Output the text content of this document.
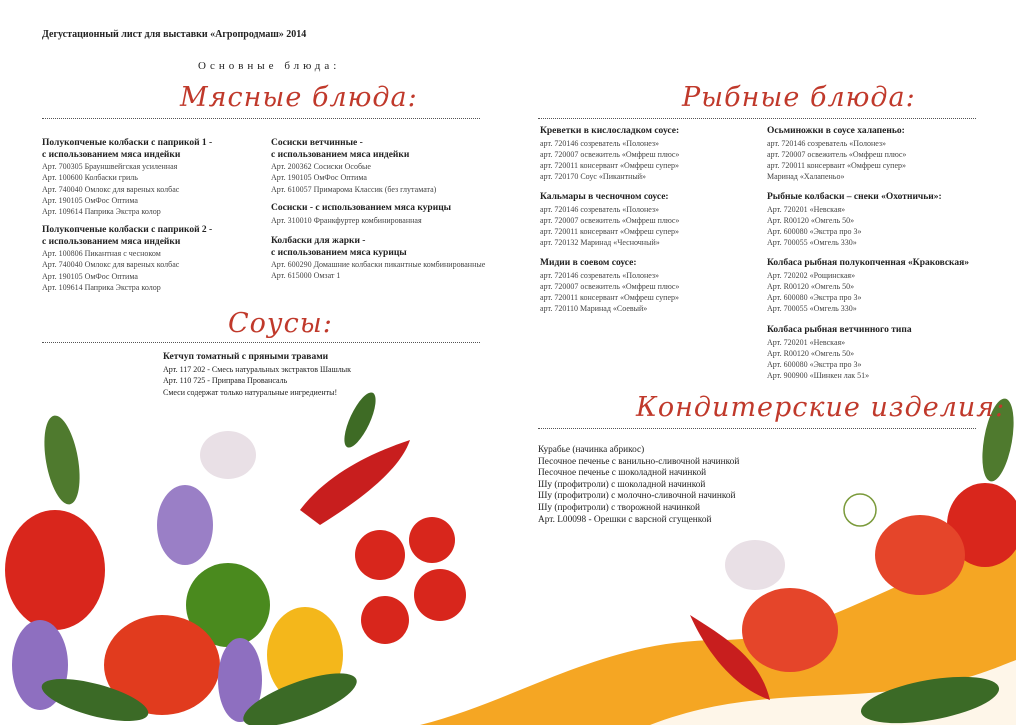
Дегустационный лист для выставки «Агропродмаш» 2014
Основные блюда:
Мясные блюда:	Рыбные блюда:
Соусы:
Кондитерские изделия:
Полукопченые колбаски с паприкой 1 -
с использованием мяса индейки
Арт. 700305 Брауншвейгская усиленная
Арт. 100600 Колбаски гриль
Арт. 740040 Омлокс для вареных колбас
Арт. 190105 ОмФос Оптима
Арт. 109614 Паприка Экстра колор
Полукопченые колбаски с паприкой 2 -
с использованием мяса индейки
Арт. 100806 Пикантная с чесноком
Арт. 740040 Омлокс для вареных колбас
Арт. 190105 ОмФос Оптима
Арт. 109614 Паприка Экстра колор
Сосиски ветчинные -
с использованием мяса индейки
Арт. 200362 Сосиски Особые
Арт. 190105 ОмФос Оптима
Арт. 610057 Примарома Классик (без глутамата)
Сосиски - с использованием мяса курицы
Арт. 310010 Франкфуртер комбинированная
Колбаски для жарки -
с использованием мяса курицы
Арт. 600290 Домашние колбаски пикантные комбинированные
Арт. 615000 Омзат 1
Креветки в кислосладком соусе:
арт. 720146 созреватель «Полонез»
арт. 720007 освежитель «Омфреш плюс»
арт. 720011 консервант «Омфреш супер»
арт. 720170 Соус «Пикантный»
Кальмары в чесночном соусе:
арт. 720146 созреватель «Полонез»
арт. 720007 освежитель «Омфреш плюс»
арт. 720011 консервант «Омфреш супер»
арт. 720132 Маринад «Чесночный»
Мидии в соевом соусе:
арт. 720146 созреватель «Полонез»
арт. 720007 освежитель «Омфреш плюс»
арт. 720011 консервант «Омфреш супер»
арт. 720110 Маринад «Соевый»
Осьминожки в соусе халапеньо:
арт. 720146 созреватель «Полонез»
арт. 720007 освежитель «Омфреш плюс»
арт. 720011 консервант «Омфреш супер»
Маринад «Халапеньо»
Рыбные колбаски – снеки «Охотничьи»:
Арт. 720201 «Невская»
Арт. R00120 «Омгель 50»
Арт. 600080 «Экстра про 3»
Арт. 700055 «Омгель 330»
Колбаса рыбная полукопченная «Краковская»
Арт. 720202 «Рощинская»
Арт. R00120 «Омгель 50»
Арт. 600080 «Экстра про 3»
Арт. 700055 «Омгель 330»
Колбаса рыбная ветчинного типа
Арт. 720201 «Невская»
Арт. R00120 «Омгель 50»
Арт. 600080 «Экстра про 3»
Арт. 900900 «Шинкен лак 51»
Кетчуп томатный с пряными травами
Арт. 117 202 - Смесь натуральных экстрактов Шашлык
Арт. 110 725 - Приправа Провансаль
Смеси содержат только натуральные ингредиенты!
Курабье (начинка абрикос)
Песочное печенье с ванильно-сливочной начинкой
Песочное печенье с шоколадной начинкой
Шу (профитроли) с шоколадной начинкой
Шу (профитроли) с молочно-сливочной начинкой
Шу (профитроли) с творожной начинкой
Арт. L00098 - Орешки с варсной сгущенкой
